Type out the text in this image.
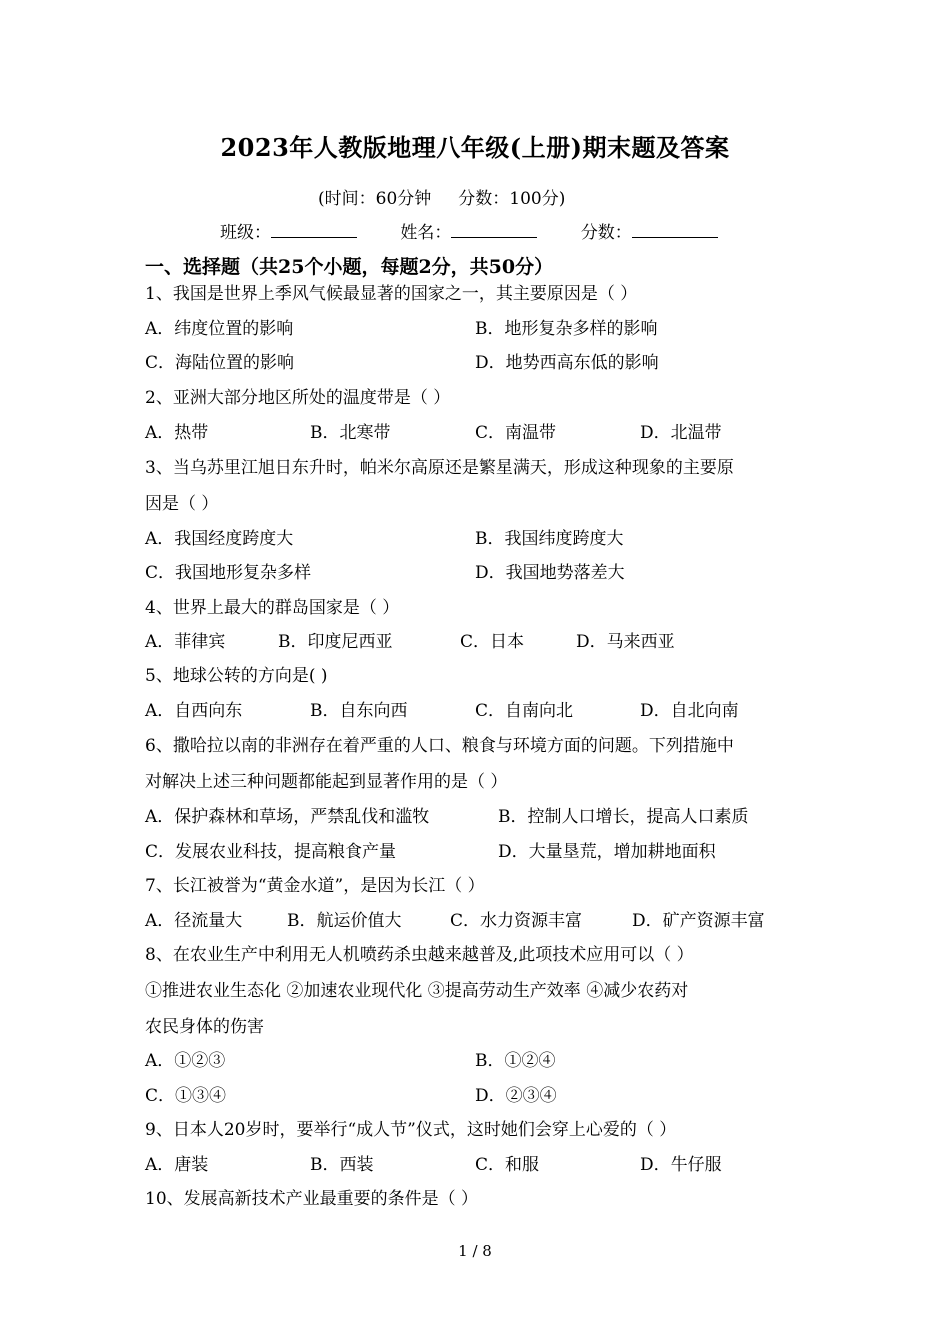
2023年人教版地理八年级(上册)期末题及答案
(时间：60分钟     分数：100分)
班级：	姓名：	分数：
一、选择题（共25个小题，每题2分，共50分）
1、我国是世界上季风气候最显著的国家之一，其主要原因是（ ）
A．纬度位置的影响	B．地形复杂多样的影响
C．海陆位置的影响	D．地势西高东低的影响
2、亚洲大部分地区所处的温度带是（ ）
A．热带	B．北寒带	C．南温带	D．北温带
3、当乌苏里江旭日东升时，帕米尔高原还是繁星满天，形成这种现象的主要原
因是（ ）
A．我国经度跨度大	B．我国纬度跨度大
C．我国地形复杂多样	D．我国地势落差大
4、世界上最大的群岛国家是（ ）
A．菲律宾	B．印度尼西亚	C．日本	D．马来西亚
5、地球公转的方向是( )
A．自西向东	B．自东向西	C．自南向北	D．自北向南
6、撒哈拉以南的非洲存在着严重的人口、粮食与环境方面的问题。下列措施中
对解决上述三种问题都能起到显著作用的是（ ）
A．保护森林和草场，严禁乱伐和滥牧	B．控制人口增长，提高人口素质
C．发展农业科技，提高粮食产量	D．大量垦荒，增加耕地面积
7、长江被誉为“黄金水道”，是因为长江（ ）
A．径流量大	B．航运价值大	C．水力资源丰富	D．矿产资源丰富
8、在农业生产中利用无人机喷药杀虫越来越普及,此项技术应用可以（ ）
①推进农业生态化 ②加速农业现代化 ③提高劳动生产效率 ④减少农药对
农民身体的伤害
A．①②③	B．①②④
C．①③④	D．②③④
9、日本人20岁时，要举行“成人节”仪式，这时她们会穿上心爱的（ ）
A．唐装	B．西装	C．和服	D．牛仔服
10、发展高新技术产业最重要的条件是（ ）
1 / 8
